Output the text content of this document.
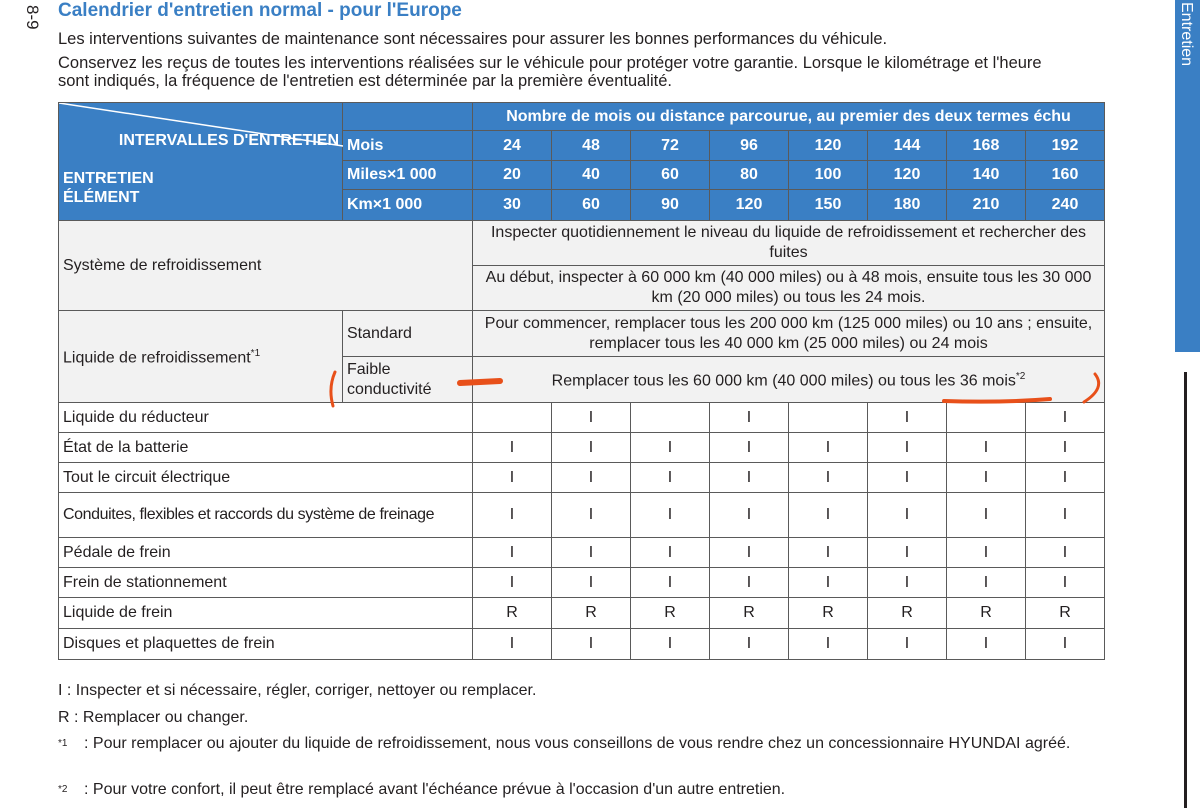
8-9 Calendrier d'entretien normal - pour l'Europe

Les interventions suivantes de maintenance sont nécessaires pour assurer les bonnes performances du véhicule.

Conservez les reçus de toutes les interventions réalisées sur le véhicule pour protéger votre garantie. Lorsque le kilométrage et l'heure sont indiqués, la fréquence de l'entretien est déterminée par la première éventualité.

Entretien
INTERVALLES D'ENTRETIEN
ENTRETIEN
ÉLÉMENT		Nombre de mois ou distance parcourue, au premier des deux termes échu							
	Mois	24	48	72	96	120	144	168	192
	Miles×1 000	20	40	60	80	100	120	140	160
	Km×1 000	30	60	90	120	150	180	210	240
Système de refroidissement		Inspecter quotidiennement le niveau du liquide de refroidissement et rechercher des fuites							
		Au début, inspecter à 60 000 km (40 000 miles) ou à 48 mois, ensuite tous les 30 000 km (20 000 miles) ou tous les 24 mois.							
Liquide de refroidissement$^{*1}$	Standard	Pour commencer, remplacer tous les 200 000 km (125 000 miles) ou 10 ans ; ensuite, remplacer tous les 40 000 km (25 000 miles) ou 24 mois							
	Faible
conductivité	Remplacer tous les 60 000 km (40 000 miles) ou tous les 36 mois$^{*2}$
Liquide du réducteur			I		I		I		I
État de la batterie		I	I	I	I	I	I	I	I
Tout le circuit électrique		I	I	I	I	I	I	I	I
Conduites, flexibles et raccords du système de freinage		I	I	I	I	I	I	I	I
Pédale de frein		I	I	I	I	I	I	I	I
Frein de stationnement		I	I	I	I	I	I	I	I
Liquide de frein		R	R	R	R	R	R	R	R
Disques et plaquettes de frein		I	I	I	I	I	I	I	I
I : Inspecter et si nécessaire, régler, corriger, nettoyer ou remplacer.
R : Remplacer ou changer.
$^{*1}$ : Pour remplacer ou ajouter du liquide de refroidissement, nous vous conseillons de vous rendre chez un concessionnaire HYUNDAI agréé.
$^{*2}$ : Pour votre confort, il peut être remplacé avant l'échéance prévue à l'occasion d'un autre entretien.
